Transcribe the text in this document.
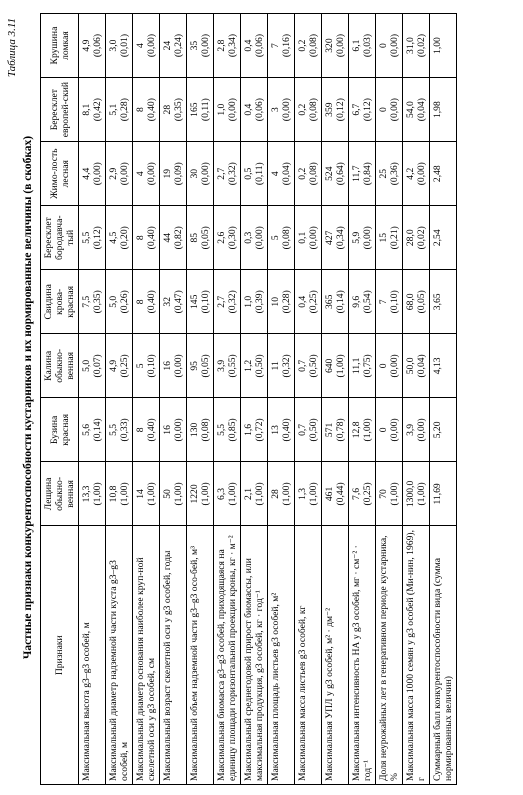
Таблица 3.11
Частные признаки конкурентоспособности кустарников и их нормированные величины (в скобках) Признаки	Лещина обыкно-венная	Бузина красная	Калина обыкно-венная	Свидина крова-красная	Бересклет бородавча-тый	Жимо-лость лесная	Бересклет европей-ский	Крушина ломкая
Максимальная высота g3–g3 особей, м	13,3 (1,00)	5,6 (0,14)	5,0 (0,07)	7,5 (0,35)	5,5 (0,12)	4,4 (0,00)	8,1 (0,42)	4,9 (0,06)

Максимальный диаметр надземной части куста g3–g3 особей, м	10,8 (1,00)	5,5 (0,33)	4,9 (0,25)	5,0 (0,26)	4,5 (0,20)	2,9 (0,00)	5,1 (0,28)	3,0 (0,01)

Максимальный диаметр основания наиболее круп-ной скелетной оси у g3 особей, см	14 (1,00)	8 (0,40)	5 (0,10)	8 (0,40)	8 (0,40)	4 (0,00)	8 (0,40)	4 (0,00)

Максимальный возраст скелетной оси у g3 особей, годы	50 (1,00)	16 (0,00)	16 (0,00)	32 (0,47)	44 (0,82)	19 (0,09)	28 (0,35)	24 (0,24)

Максимальный объем надземной части g3–g3 осо-бей, м³	1220 (1,00)	130 (0,08)	95 (0,05)	145 (0,10)	85 (0,05)	30 (0,00)	165 (0,11)	35 (0,00)

Максимальная биомасса g3–g3 особей, приходящаяся на единицу площади горизонтальной проекции кроны, кг · м⁻²	6,3 (1,00)	5,5 (0,85)	3,9 (0,55)	2,7 (0,32)	2,6 (0,30)	2,7 (0,32)	1,0 (0,00)	2,8 (0,34)

Максимальный среднегодовой прирост биомассы, или максимальная продукция, g3 особей, кг · год⁻¹	2,1 (1,00)	1,6 (0,72)	1,2 (0,50)	1,0 (0,39)	0,3 (0,00)	0,5 (0,11)	0,4 (0,06)	0,4 (0,06)

Максимальная площадь листьев g3 особей, м²	28 (1,00)	13 (0,40)	11 (0,32)	10 (0,28)	5 (0,08)	4 (0,04)	3 (0,00)	7 (0,16)

Максимальная масса листьев g3 особей, кг	1,3 (1,00)	0,7 (0,50)	0,7 (0,50)	0,4 (0,25)	0,1 (0,00)	0,2 (0,08)	0,2 (0,08)	0,2 (0,08)

Максимальная УПЛ у g3 особей, м² · дм⁻²	461 (0,44)	571 (0,78)	640 (1,00)	365 (0,14)	427 (0,34)	524 (0,64)	359 (0,12)	320 (0,00)

Максимальная интенсивность НА у g3 особей, мг · см⁻² · год⁻¹	7,6 (0,25)	12,8 (1,00)	11,1 (0,75)	9,6 (0,54)	5,9 (0,00)	11,7 (0,84)	6,7 (0,12)	6,1 (0,03)

Доля неурожайных лет в генеративном периоде кустарника, %	70 (1,00)	0 (0,00)	0 (0,00)	7 (0,10)	15 (0,21)	25 (0,36)	0 (0,00)	0 (0,00)

Максимальная масса 1000 семян у g3 особей (Ми-нин, 1969), г	1300,0 (1,00)	3,9 (0,00)	50,0 (0,04)	68,0 (0,05)	28,0 (0,02)	4,2 (0,00)	54,0 (0,04)	31,0 (0,02)

Суммарный балл конкурентоспособности вида (сумма нормированных величин)	11,69	5,20	4,13	3,65	2,54	2,48	1,98	1,00
